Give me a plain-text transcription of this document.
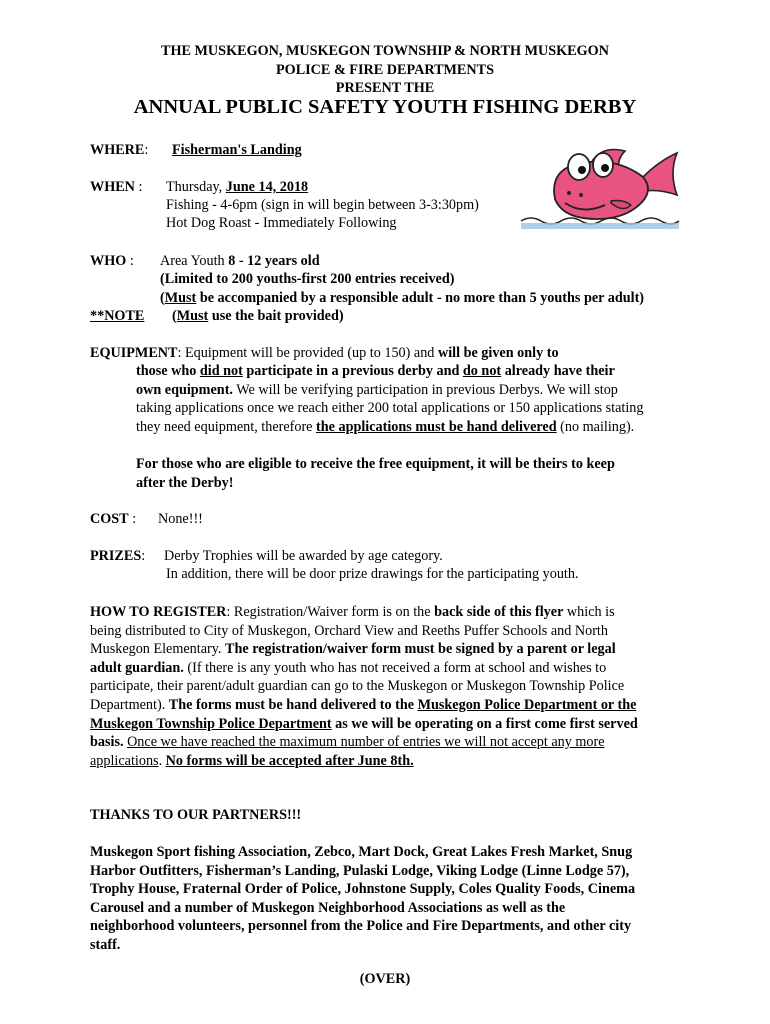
THE MUSKEGON, MUSKEGON TOWNSHIP & NORTH MUSKEGON
POLICE & FIRE DEPARTMENTS
PRESENT THE
ANNUAL PUBLIC SAFETY YOUTH FISHING DERBY
WHERE: Fisherman's Landing
WHEN : Thursday, June 14, 2018
Fishing - 4-6pm (sign in will begin between 3-3:30pm)
Hot Dog Roast - Immediately Following
WHO : Area Youth 8 - 12 years old
(Limited to 200 youths-first 200 entries received)
(Must be accompanied by a responsible adult - no more than 5 youths per adult)
**NOTE (Must use the bait provided)
EQUIPMENT: Equipment will be provided (up to 150) and will be given only to
those who did not participate in a previous derby and do not already have their
own equipment. We will be verifying participation in previous Derbys. We will stop
taking applications once we reach either 200 total applications or 150 applications stating
they need equipment, therefore the applications must be hand delivered (no mailing).
For those who are eligible to receive the free equipment, it will be theirs to keep
after the Derby!
COST : None!!!
PRIZES: Derby Trophies will be awarded by age category.
In addition, there will be door prize drawings for the participating youth.
HOW TO REGISTER: Registration/Waiver form is on the back side of this flyer which is
being distributed to City of Muskegon, Orchard View and Reeths Puffer Schools and North
Muskegon Elementary. The registration/waiver form must be signed by a parent or legal
adult guardian. (If there is any youth who has not received a form at school and wishes to
participate, their parent/adult guardian can go to the Muskegon or Muskegon Township Police
Department). The forms must be hand delivered to the Muskegon Police Department or the
Muskegon Township Police Department as we will be operating on a first come first served
basis. Once we have reached the maximum number of entries we will not accept any more
applications. No forms will be accepted after June 8th.
THANKS TO OUR PARTNERS!!!
Muskegon Sport fishing Association, Zebco, Mart Dock, Great Lakes Fresh Market, Snug
Harbor Outfitters, Fisherman’s Landing, Pulaski Lodge, Viking Lodge (Linne Lodge 57),
Trophy House, Fraternal Order of Police, Johnstone Supply, Coles Quality Foods, Cinema
Carousel and a number of Muskegon Neighborhood Associations as well as the
neighborhood volunteers, personnel from the Police and Fire Departments, and other city
staff.
(OVER)
